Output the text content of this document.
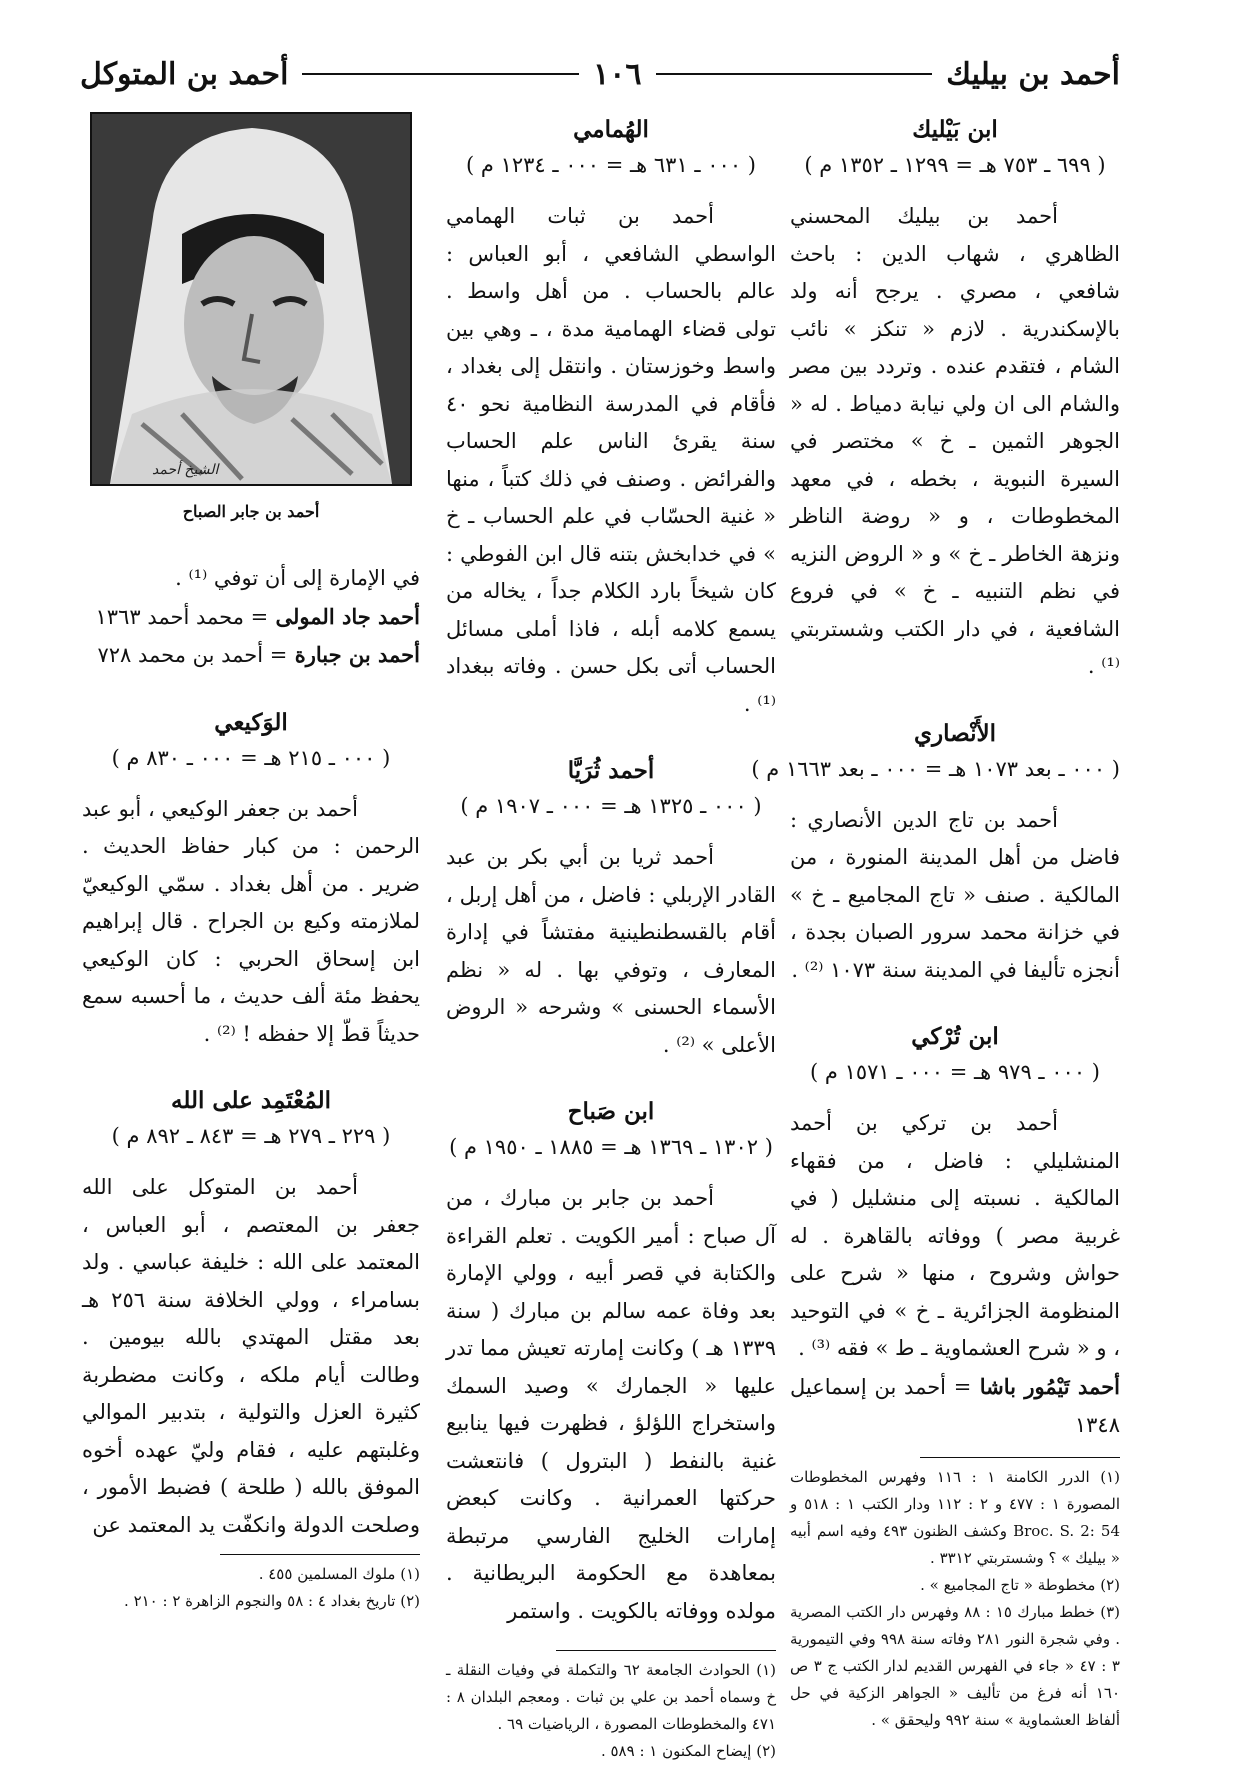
أحمد بن بيليك
١٠٦
أحمد بن المتوكل

ابن بَيْليك

( ٦٩٩ ـ ٧٥٣ هـ = ١٢٩٩ ـ ١٣٥٢ م )

أحمد بن بيليك المحسني الظاهري ، شهاب الدين : باحث شافعي ، مصري . يرجح أنه ولد بالإسكندرية . لازم « تنكز » نائب الشام ، فتقدم عنده . وتردد بين مصر والشام الى ان ولي نيابة دمياط . له « الجوهر الثمين ـ خ » مختصر في السيرة النبوية ، بخطه ، في معهد المخطوطات ، و « روضة الناظر ونزهة الخاطر ـ خ » و « الروض النزيه في نظم التنبيه ـ خ » في فروع الشافعية ، في دار الكتب وشستربتي ⁽¹⁾ .

الأَنْصاري

( ٠٠٠ ـ بعد ١٠٧٣ هـ = ٠٠٠ ـ بعد ١٦٦٣ م )

أحمد بن تاج الدين الأنصاري : فاضل من أهل المدينة المنورة ، من المالكية . صنف « تاج المجاميع ـ خ » في خزانة محمد سرور الصبان بجدة ، أنجزه تأليفا في المدينة سنة ١٠٧٣ ⁽²⁾ .

ابن تُرْكي

( ٠٠٠ ـ ٩٧٩ هـ = ٠٠٠ ـ ١٥٧١ م )

أحمد بن تركي بن أحمد المنشليلي : فاضل ، من فقهاء المالكية . نسبته إلى منشليل ( في غربية مصر ) ووفاته بالقاهرة . له حواش وشروح ، منها « شرح على المنظومة الجزائرية ـ خ » في التوحيد ، و « شرح العشماوية ـ ط » فقه ⁽³⁾ .

أحمد تَيْمُور باشا = أحمد بن إسماعيل ١٣٤٨

(١) الدرر الكامنة ١ : ١١٦ وفهرس المخطوطات المصورة ١ : ٤٧٧ و ٢ : ١١٢ ودار الكتب ١ : ٥١٨ و Broc. S. 2: 54 وكشف الظنون ٤٩٣ وفيه اسم أبيه « بيليك » ؟ وشستربتي ٣٣١٢ .

(٢) مخطوطة « تاج المجاميع » .

(٣) خطط مبارك ١٥ : ٨٨ وفهرس دار الكتب المصرية . وفي شجرة النور ٢٨١ وفاته سنة ٩٩٨ وفي التيمورية ٣ : ٤٧ « جاء في الفهرس القديم لدار الكتب ج ٣ ص ١٦٠ أنه فرغ من تأليف « الجواهر الزكية في حل ألفاظ العشماوية » سنة ٩٩٢ وليحقق » .

الهُمامي

( ٠٠٠ ـ ٦٣١ هـ = ٠٠٠ ـ ١٢٣٤ م )

أحمد بن ثبات الهمامي الواسطي الشافعي ، أبو العباس : عالم بالحساب . من أهل واسط . تولى قضاء الهمامية مدة ، ـ وهي بين واسط وخوزستان . وانتقل إلى بغداد ، فأقام في المدرسة النظامية نحو ٤٠ سنة يقرئ الناس علم الحساب والفرائض . وصنف في ذلك كتباً ، منها « غنية الحسّاب في علم الحساب ـ خ » في خدابخش بتنه قال ابن الفوطي : كان شيخاً بارد الكلام جداً ، يخاله من يسمع كلامه أبله ، فاذا أملى مسائل الحساب أتى بكل حسن . وفاته ببغداد ⁽¹⁾ .

أحمد ثُرَيَّا

( ٠٠٠ ـ ١٣٢٥ هـ = ٠٠٠ ـ ١٩٠٧ م )

أحمد ثريا بن أبي بكر بن عبد القادر الإربلي : فاضل ، من أهل إربل ، أقام بالقسطنطينية مفتشاً في إدارة المعارف ، وتوفي بها . له « نظم الأسماء الحسنى » وشرحه « الروض الأعلى » ⁽²⁾ .

ابن صَباح

( ١٣٠٢ ـ ١٣٦٩ هـ = ١٨٨٥ ـ ١٩٥٠ م )

أحمد بن جابر بن مبارك ، من آل صباح : أمير الكويت . تعلم القراءة والكتابة في قصر أبيه ، وولي الإمارة بعد وفاة عمه سالم بن مبارك ( سنة ١٣٣٩ هـ ) وكانت إمارته تعيش مما تدر عليها « الجمارك » وصيد السمك واستخراج اللؤلؤ ، فظهرت فيها ينابيع غنية بالنفط ( البترول ) فانتعشت حركتها العمرانية . وكانت كبعض إمارات الخليج الفارسي مرتبطة بمعاهدة مع الحكومة البريطانية . مولده ووفاته بالكويت . واستمر

(١) الحوادث الجامعة ٦٢ والتكملة في وفيات النقلة ـ خ وسماه أحمد بن علي بن ثبات . ومعجم البلدان ٨ : ٤٧١ والمخطوطات المصورة ، الرياضيات ٦٩ .

(٢) إيضاح المكنون ١ : ٥٨٩ .

الشيخ أحمد

أحمد بن جابر الصباح

في الإمارة إلى أن توفي ⁽¹⁾ .

أحمد جاد المولى = محمد أحمد ١٣٦٣

أحمد بن جبارة = أحمد بن محمد ٧٢٨

الوَكيعي

( ٠٠٠ ـ ٢١٥ هـ = ٠٠٠ ـ ٨٣٠ م )

أحمد بن جعفر الوكيعي ، أبو عبد الرحمن : من كبار حفاظ الحديث . ضرير . من أهل بغداد . سمّي الوكيعيّ لملازمته وكيع بن الجراح . قال إبراهيم ابن إسحاق الحربي : كان الوكيعي يحفظ مئة ألف حديث ، ما أحسبه سمع حديثاً قطّ إلا حفظه ! ⁽²⁾ .

المُعْتَمِد على الله

( ٢٢٩ ـ ٢٧٩ هـ = ٨٤٣ ـ ٨٩٢ م )

أحمد بن المتوكل على الله جعفر بن المعتصم ، أبو العباس ، المعتمد على الله : خليفة عباسي . ولد بسامراء ، وولي الخلافة سنة ٢٥٦ هـ بعد مقتل المهتدي بالله بيومين . وطالت أيام ملكه ، وكانت مضطربة كثيرة العزل والتولية ، بتدبير الموالي وغلبتهم عليه ، فقام وليّ عهده أخوه الموفق بالله ( طلحة ) فضبط الأمور ، وصلحت الدولة وانكفّت يد المعتمد عن

(١) ملوك المسلمين ٤٥٥ .

(٢) تاريخ بغداد ٤ : ٥٨ والنجوم الزاهرة ٢ : ٢١٠ .
